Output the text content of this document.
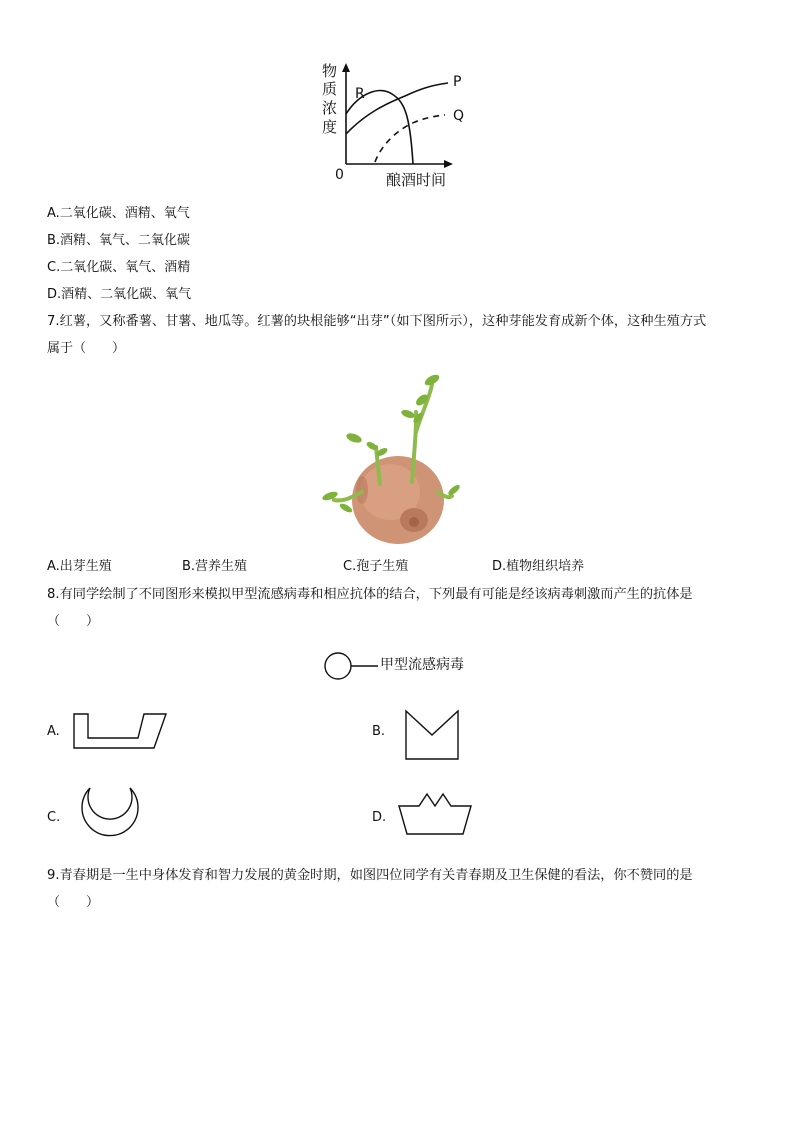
物
质
浓
度
0	酿酒时间
R
P
Q
A.二氧化碳、酒精、氧气
B.酒精、氧气、二氧化碳
C.二氧化碳、氧气、酒精
D.酒精、二氧化碳、氧气
7.红薯，又称番薯、甘薯、地瓜等。红薯的块根能够“出芽”（如下图所示），这种芽能发育成新个体，这种生殖方式
属于（　　）
A.出芽生殖	B.营养生殖	C.孢子生殖	D.植物组织培养
8.有同学绘制了不同图形来模拟甲型流感病毒和相应抗体的结合，下列最有可能是经该病毒刺激而产生的抗体是
（　　）
甲型流感病毒
A.	B.
C.	D.
9.青春期是一生中身体发育和智力发展的黄金时期，如图四位同学有关青春期及卫生保健的看法，你不赞同的是
（　　）
